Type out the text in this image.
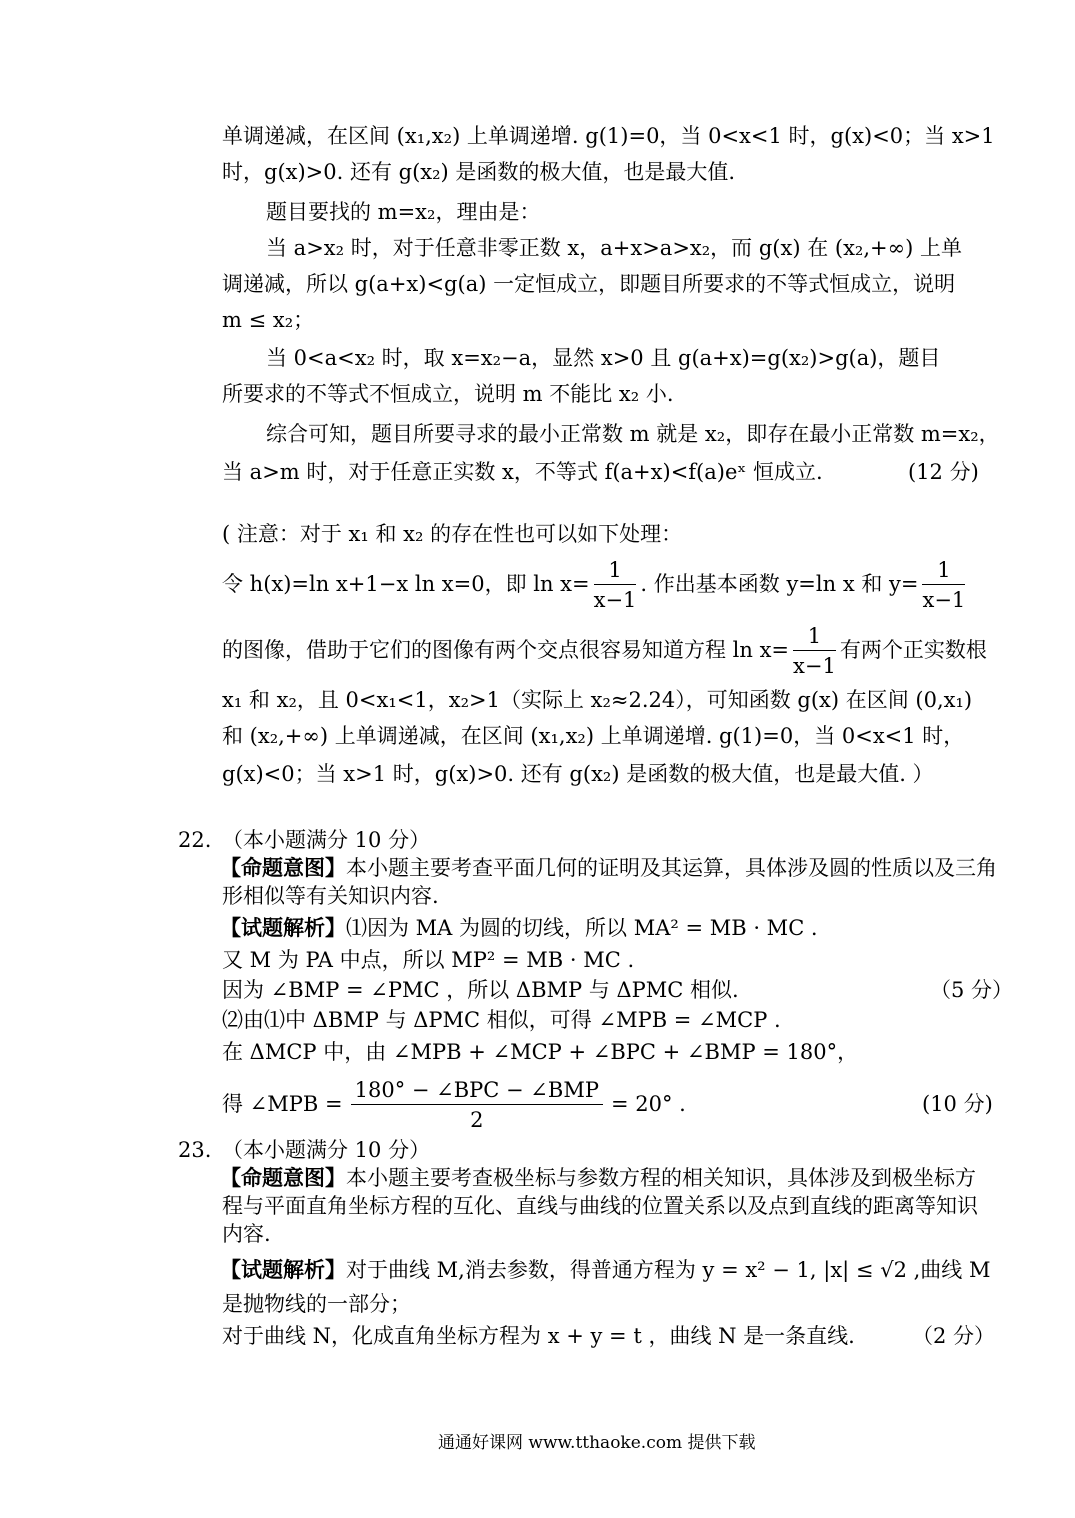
单调递减，在区间 (x₁,x₂) 上单调递增. g(1)=0，当 0<x<1 时，g(x)<0；当 x>1
时，g(x)>0. 还有 g(x₂) 是函数的极大值，也是最大值.
题目要找的 m=x₂，理由是：
当 a>x₂ 时，对于任意非零正数 x，a+x>a>x₂，而 g(x) 在 (x₂,+∞) 上单
调递减，所以 g(a+x)<g(a) 一定恒成立，即题目所要求的不等式恒成立，说明
m ≤ x₂；
当 0<a<x₂ 时，取 x=x₂−a，显然 x>0 且 g(a+x)=g(x₂)>g(a)，题目
所要求的不等式不恒成立，说明 m 不能比 x₂ 小.
综合可知，题目所要寻求的最小正常数 m 就是 x₂，即存在最小正常数 m=x₂，
当 a>m 时，对于任意正实数 x，不等式 f(a+x)<f(a)eˣ 恒成立.	(12 分)
( 注意：对于 x₁ 和 x₂ 的存在性也可以如下处理：
令 h(x)=ln x+1−x ln x=0，即 $\ln x= \frac{1}{x-1}$ . 作出基本函数 y=ln x 和 $y= \frac{1}{x-1}$
的图像，借助于它们的图像有两个交点很容易知道方程 $\ln x= \frac{1}{x-1}$ 有两个正实数根
x₁ 和 x₂，且 0<x₁<1，x₂>1（实际上 x₂≈2.24），可知函数 g(x) 在区间 (0,x₁)
和 (x₂,+∞) 上单调递减，在区间 (x₁,x₂) 上单调递增. g(1)=0，当 0<x<1 时，
g(x)<0；当 x>1 时，g(x)>0. 还有 g(x₂) 是函数的极大值，也是最大值. ）
22. （本小题满分 10 分）
【命题意图】本小题主要考查平面几何的证明及其运算，具体涉及圆的性质以及三角
形相似等有关知识内容.
【试题解析】⑴因为 MA 为圆的切线，所以 MA² = MB · MC .
又 M 为 PA 中点，所以 MP² = MB · MC .
因为 ∠BMP = ∠PMC ，所以 ΔBMP 与 ΔPMC 相似.	（5 分）
⑵由⑴中 ΔBMP 与 ΔPMC 相似，可得 ∠MPB = ∠MCP .
在 ΔMCP 中，由 ∠MPB + ∠MCP + ∠BPC + ∠BMP = 180°，
得 ∠MPB = $\frac{\text{180° − ∠BPC − ∠BMP}}{2} = 20^\circ$ .	(10 分)
23. （本小题满分 10 分）
【命题意图】本小题主要考查极坐标与参数方程的相关知识，具体涉及到极坐标方
程与平面直角坐标方程的互化、直线与曲线的位置关系以及点到直线的距离等知识
内容.
【试题解析】对于曲线 M,消去参数，得普通方程为 y = x² − 1, |x| ≤ √2 ,曲线 M
是抛物线的一部分；
对于曲线 N，化成直角坐标方程为 x + y = t ，曲线 N 是一条直线.	（2 分）
通通好课网 www.tthaoke.com 提供下载
